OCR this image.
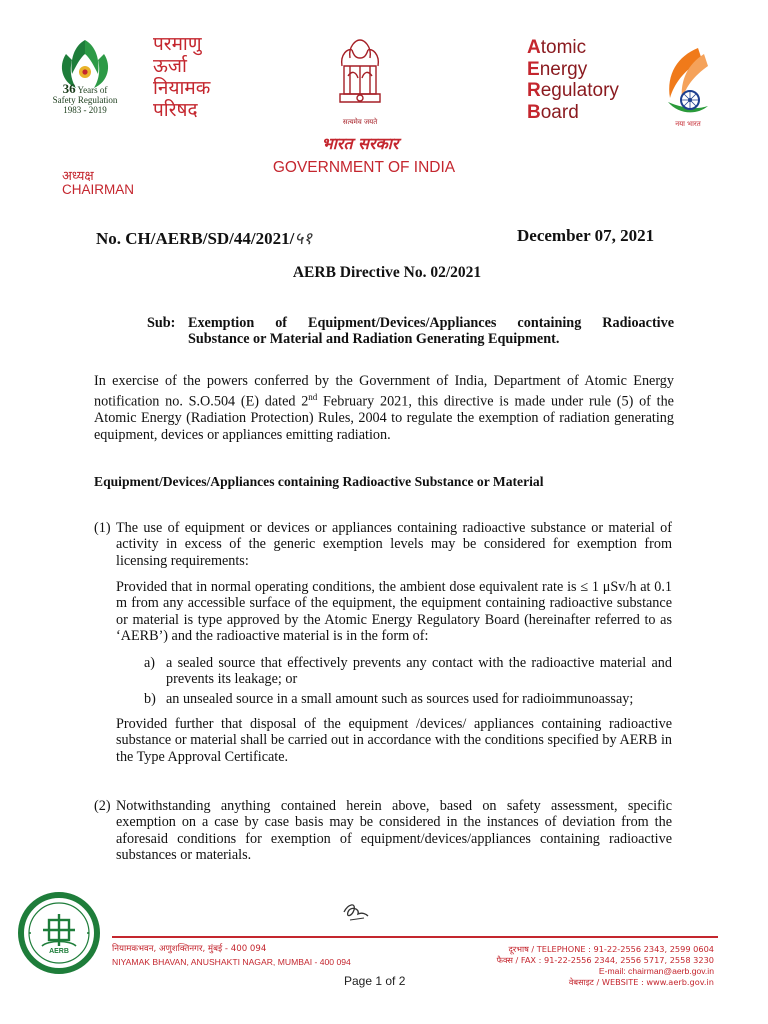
36 Years of
Safety Regulation
1983 - 2019
परमाणु
ऊर्जा
नियामक
परिषद
सत्यमेव जयते
भारत सरकार
GOVERNMENT OF INDIA
Atomic
Energy
Regulatory
Board
नया भारत
अध्यक्ष
CHAIRMAN
No. CH/AERB/SD/44/2021/५१	December 07, 2021
AERB Directive No. 02/2021
Sub: Exemption of Equipment/Devices/Appliances containing Radioactive
Substance or Material and Radiation Generating Equipment.
In exercise of the powers conferred by the Government of India, Department of Atomic Energy notification no. S.O.504 (E) dated 2nd February 2021, this directive is made under rule (5) of the Atomic Energy (Radiation Protection) Rules, 2004 to regulate the exemption of radiation generating equipment, devices or appliances emitting radiation.
Equipment/Devices/Appliances containing Radioactive Substance or Material
(1) The use of equipment or devices or appliances containing radioactive substance or material of activity in excess of the generic exemption levels may be considered for exemption from licensing requirements:
Provided that in normal operating conditions, the ambient dose equivalent rate is ≤ 1 μSv/h at 0.1 m from any accessible surface of the equipment, the equipment containing radioactive substance or material is type approved by the Atomic Energy Regulatory Board (hereinafter referred to as ‘AERB’) and the radioactive material is in the form of:
a) a sealed source that effectively prevents any contact with the radioactive material and prevents its leakage; or
b) an unsealed source in a small amount such as sources used for radioimmunoassay;
Provided further that disposal of the equipment /devices/ appliances containing radioactive substance or material shall be carried out in accordance with the conditions specified by AERB in the Type Approval Certificate.
(2) Notwithstanding anything contained herein above, based on safety assessment, specific exemption on a case by case basis may be considered in the instances of deviation from the aforesaid conditions for exemption of equipment/devices/appliances containing radioactive substances or materials.
AERB	नियामकभवन, अणुशक्तिनगर, मुंबई - 400 094
NIYAMAK BHAVAN, ANUSHAKTI NAGAR, MUMBAI - 400 094
दूरभाष / TELEPHONE : 91-22-2556 2343, 2599 0604
फैक्स / FAX : 91-22-2556 2344, 2556 5717, 2558 3230
E-mail: chairman@aerb.gov.in
वेबसाइट / WEBSITE : www.aerb.gov.in
Page 1 of 2
